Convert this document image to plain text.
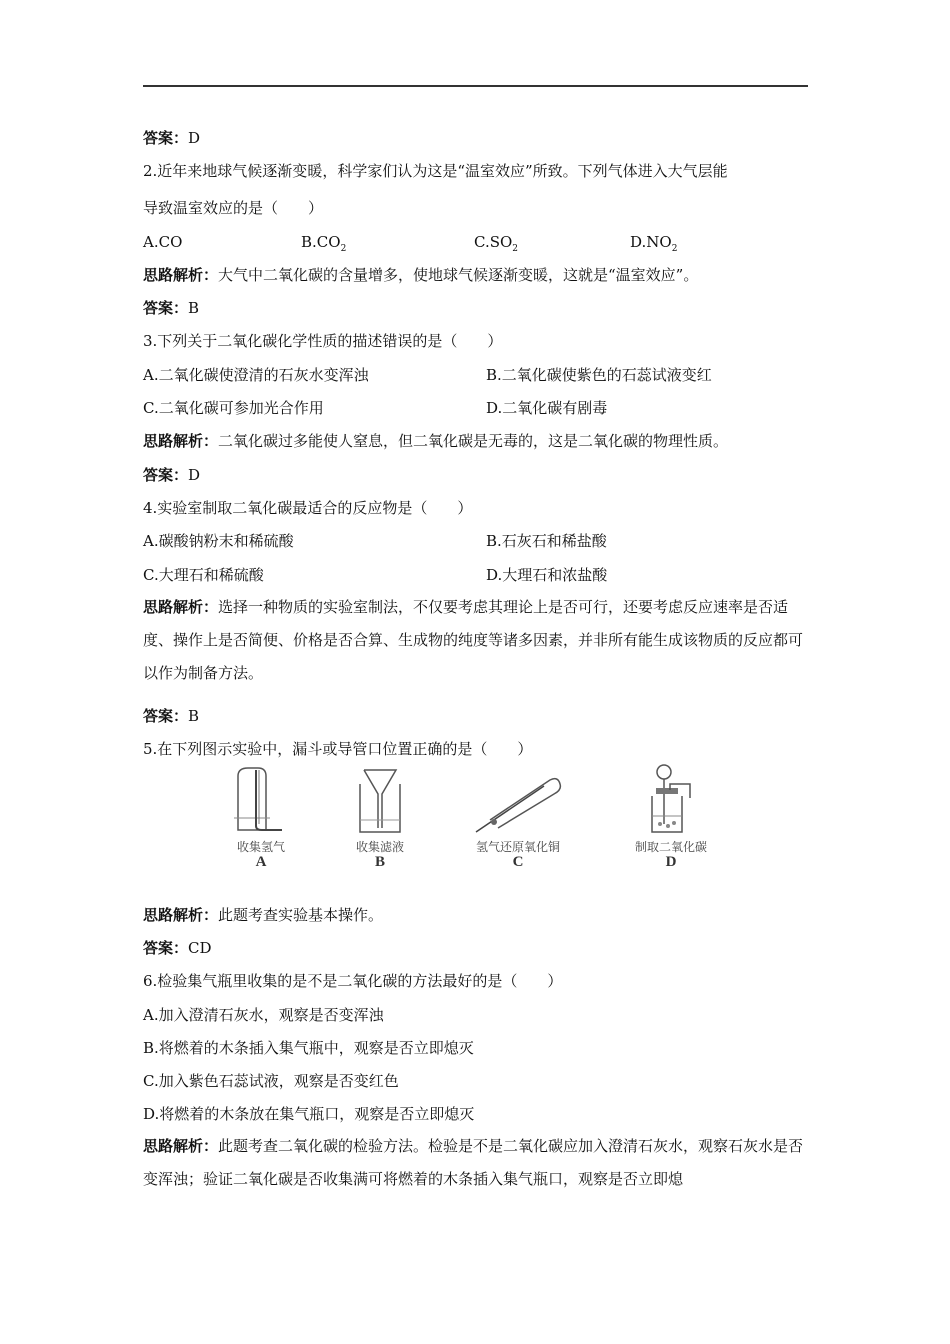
答案：D
2.近年来地球气候逐渐变暖，科学家们认为这是“温室效应”所致。下列气体进入大气层能
导致温室效应的是（　　）
A.CO	$B.CO_2$	$C.SO_2$	$D.NO_2$
思路解析：大气中二氧化碳的含量增多，使地球气候逐渐变暖，这就是“温室效应”。
答案：B
3.下列关于二氧化碳化学性质的描述错误的是（　　）
A.二氧化碳使澄清的石灰水变浑浊	B.二氧化碳使紫色的石蕊试液变红
C.二氧化碳可参加光合作用	D.二氧化碳有剧毒
思路解析：二氧化碳过多能使人窒息，但二氧化碳是无毒的，这是二氧化碳的物理性质。
答案：D
4.实验室制取二氧化碳最适合的反应物是（　　）
A.碳酸钠粉末和稀硫酸	B.石灰石和稀盐酸
C.大理石和稀硫酸	D.大理石和浓盐酸
思路解析：选择一种物质的实验室制法，不仅要考虑其理论上是否可行，还要考虑反应速率是否适度、操作上是否简便、价格是否合算、生成物的纯度等诸多因素，并非所有能生成该物质的反应都可以作为制备方法。
答案：B
5.在下列图示实验中，漏斗或导管口位置正确的是（　　）
收集氢气
A
收集滤液
B
氢气还原氧化铜
C
制取二氧化碳
D
思路解析：此题考查实验基本操作。
答案：CD
6.检验集气瓶里收集的是不是二氧化碳的方法最好的是（　　）
A.加入澄清石灰水，观察是否变浑浊
B.将燃着的木条插入集气瓶中，观察是否立即熄灭
C.加入紫色石蕊试液，观察是否变红色
D.将燃着的木条放在集气瓶口，观察是否立即熄灭
思路解析：此题考查二氧化碳的检验方法。检验是不是二氧化碳应加入澄清石灰水，观察石灰水是否变浑浊；验证二氧化碳是否收集满可将燃着的木条插入集气瓶口，观察是否立即熄
